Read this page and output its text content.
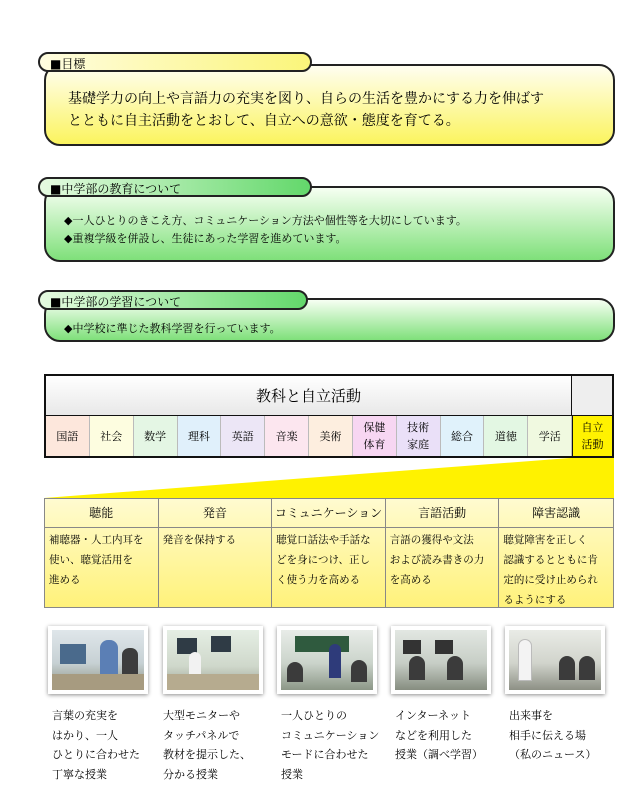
基礎学力の向上や言語力の充実を図り、自らの生活を豊かにする力を伸ばす
とともに自主活動をとおして、自立への意欲・態度を育てる。
■目標
◆一人ひとりのきこえ方、コミュニケーション方法や個性等を大切にしています。
◆重複学級を併設し、生徒にあった学習を進めています。
■中学部の教育について
◆中学校に準じた教科学習を行っています。
■中学部の学習について
教科と自立活動
国語 社会 数学 理科 英語 音楽 美術
保健
体育
技術
家庭
総合 道徳 学活
自立
活動
聴能
補聴器・人工内耳を
使い、聴覚活用を
進める
発音
発音を保持する
コミュニケーション
聴覚口話法や手話な
どを身につけ、正し
く使う力を高める
言語活動
言語の獲得や文法
および読み書きの力
を高める
障害認識
聴覚障害を正しく
認識するとともに肯
定的に受け止められ
るようにする
言葉の充実を
はかり、一人
ひとりに合わせた
丁寧な授業
大型モニターや
タッチパネルで
教材を提示した、
分かる授業
一人ひとりの
コミュニケーション
モードに合わせた
授業
インターネット
などを利用した
授業（調べ学習）
出来事を
相手に伝える場
（私のニュース）
